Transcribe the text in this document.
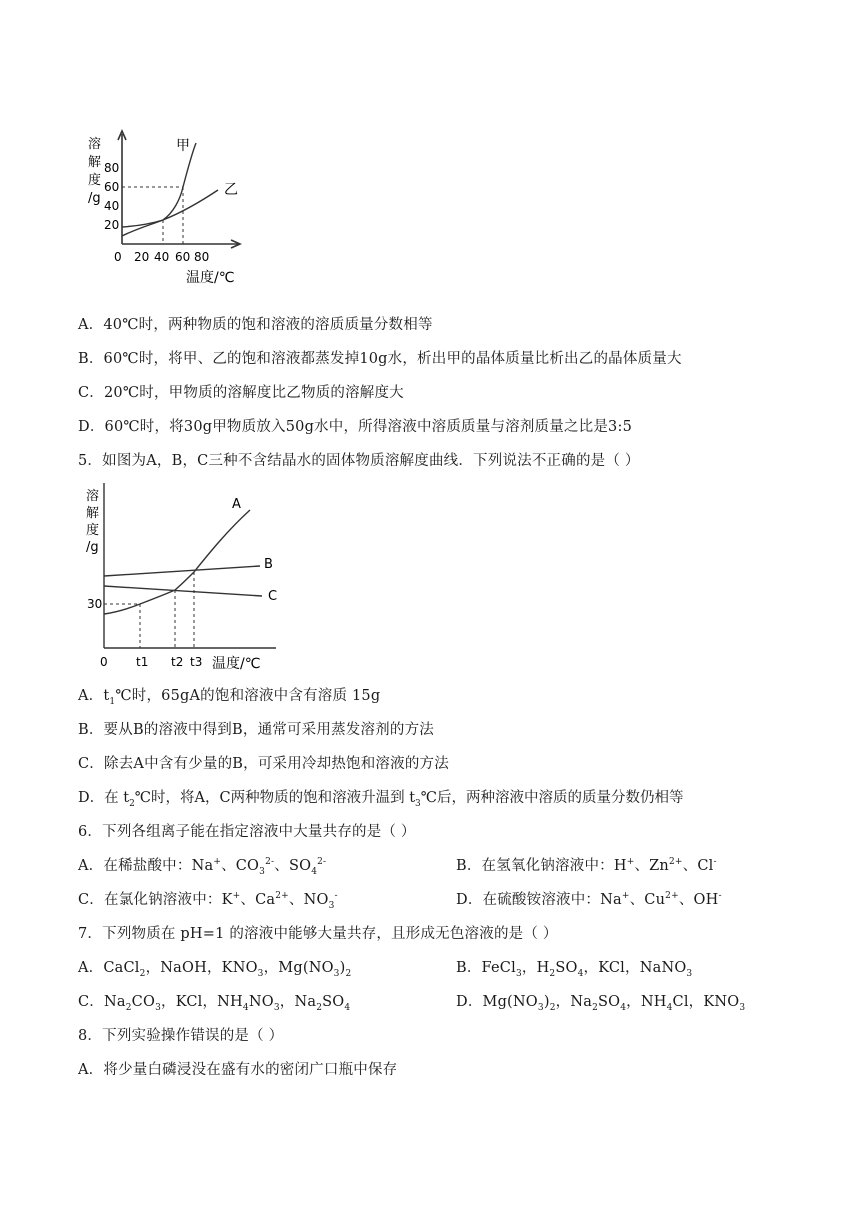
溶
解
度
/g
80
60
40
20
0 20 40 60 80
温度/℃
甲
乙
A．40℃时，两种物质的饱和溶液的溶质质量分数相等
B．60℃时，将甲、乙的饱和溶液都蒸发掉10g水，析出甲的晶体质量比析出乙的晶体质量大
C．20℃时，甲物质的溶解度比乙物质的溶解度大
D．60℃时，将30g甲物质放入50g水中，所得溶液中溶质质量与溶剂质量之比是3:5
5．如图为A，B，C三种不含结晶水的固体物质溶解度曲线．下列说法不正确的是（ ）
溶
解
度
/g
30
0 t1 t2 t3 温度/℃
A
B
C
A．$t_1℃$时，65gA的饱和溶液中含有溶质 15g
B．要从B的溶液中得到B，通常可采用蒸发溶剂的方法
C．除去A中含有少量的B，可采用冷却热饱和溶液的方法
D．在 $t_2℃$时，将A，C两种物质的饱和溶液升温到 $t_3℃$后，两种溶液中溶质的质量分数仍相等
6．下列各组离子能在指定溶液中大量共存的是（ ）
A．在稀盐酸中：Na+、$CO_3^{2-}$、$SO_4^{2-}$	B．在氢氧化钠溶液中：H+、$Zn^{2+}$、Cl-
C．在氯化钠溶液中：K+、$Ca^{2+}$、$NO_3^-$	D．在硫酸铵溶液中：Na+、$Cu^{2+}$、OH-
7．下列物质在 pH=1 的溶液中能够大量共存，且形成无色溶液的是（ ）
A．CaCl$_2$，NaOH，$KNO_3$，$Mg(NO_3)_2$	B．FeCl$_3$，$H_2SO_4$，KCl，NaNO$_3$
C．$Na_2CO_3$，KCl，$NH_4NO_3$，$Na_2SO_4$	D．$Mg(NO_3)_2$，$Na_2SO_4$，$NH_4Cl$，$KNO_3$
8．下列实验操作错误的是（ ）
A．将少量白磷浸没在盛有水的密闭广口瓶中保存
